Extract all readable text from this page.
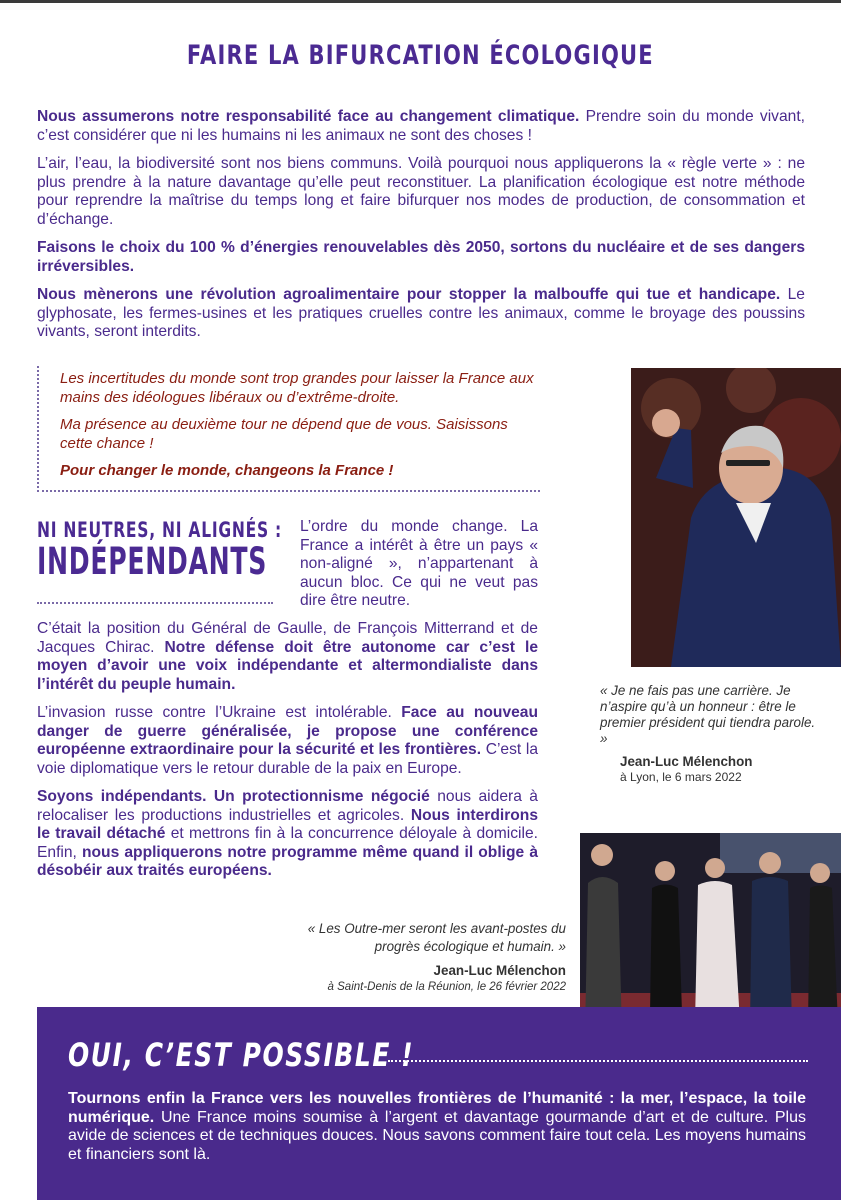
FAIRE LA BIFURCATION ÉCOLOGIQUE

Nous assumerons notre responsabilité face au changement climatique. Prendre soin du monde vivant, c’est considérer que ni les humains ni les animaux ne sont des choses !

L’air, l’eau, la biodiversité sont nos biens communs. Voilà pourquoi nous appliquerons la « règle verte » : ne plus prendre à la nature davantage qu’elle peut reconstituer. La planification écologique est notre méthode pour reprendre la maîtrise du temps long et faire bifurquer nos modes de production, de consommation et d’échange.

Faisons le choix du 100 % d’énergies renouvelables dès 2050, sortons du nucléaire et de ses dangers irréversibles.

Nous mènerons une révolution agroalimentaire pour stopper la malbouffe qui tue et handicape. Le glyphosate, les fermes-usines et les pratiques cruelles contre les animaux, comme le broyage des poussins vivants, seront interdits.

Les incertitudes du monde sont trop grandes pour laisser la France aux mains des idéologues libéraux ou d’extrême-droite.

Ma présence au deuxième tour ne dépend que de vous. Saisissons cette chance !

Pour changer le monde, changeons la France !

NI NEUTRES, NI ALIGNÉS :
INDÉPENDANTS

L’ordre du monde change. La France a intérêt à être un pays « non-aligné », n’appartenant à aucun bloc. Ce qui ne veut pas dire être neutre.

C’était la position du Général de Gaulle, de François Mitterrand et de Jacques Chirac. Notre défense doit être autonome car c’est le moyen d’avoir une voix indépendante et altermondialiste dans l’intérêt du peuple humain.

L’invasion russe contre l’Ukraine est intolérable. Face au nouveau danger de guerre généralisée, je propose une conférence européenne extraordinaire pour la sécurité et les frontières. C’est la voie diplomatique vers le retour durable de la paix en Europe.

Soyons indépendants. Un protectionnisme négocié nous aidera à relocaliser les productions industrielles et agricoles. Nous interdirons le travail détaché et mettrons fin à la concurrence déloyale à domicile. Enfin, nous appliquerons notre programme même quand il oblige à désobéir aux traités européens.

« Je ne fais pas une carrière. Je n’aspire qu’à un honneur : être le premier président qui tiendra parole. »
Jean-Luc Mélenchon
à Lyon, le 6 mars 2022
« Les Outre-mer seront les avant-postes du progrès écologique et humain. »
Jean-Luc Mélenchon
à Saint-Denis de la Réunion, le 26 février 2022
OUI, C’EST POSSIBLE !

Tournons enfin la France vers les nouvelles frontières de l’humanité : la mer, l’espace, la toile numérique. Une France moins soumise à l’argent et davantage gourmande d’art et de culture. Plus avide de sciences et de techniques douces. Nous savons comment faire tout cela. Les moyens humains et financiers sont là.
